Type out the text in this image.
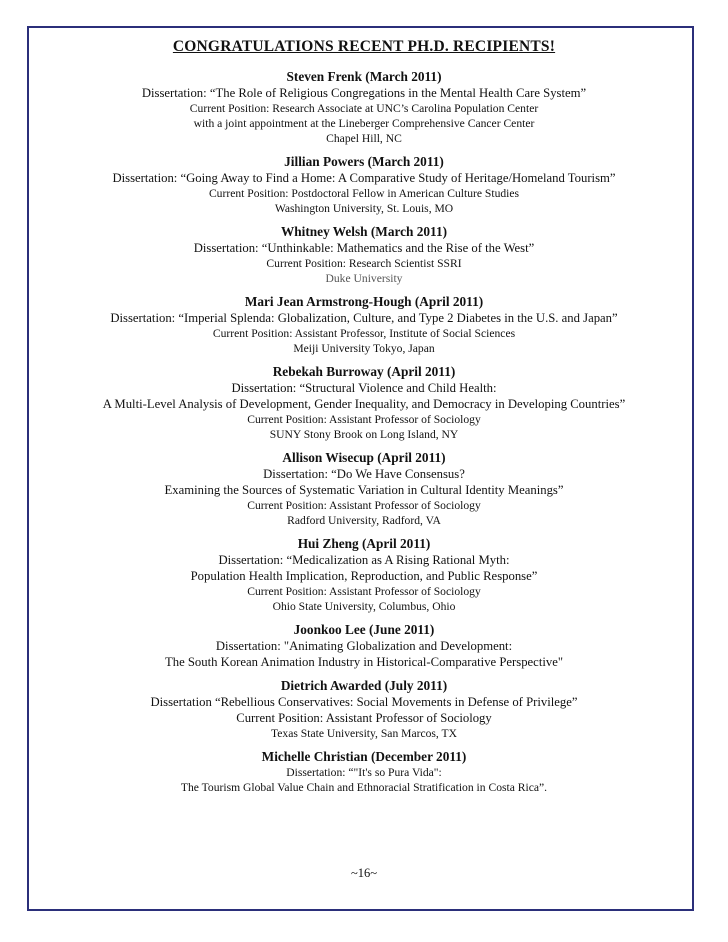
CONGRATULATIONS RECENT PH.D. RECIPIENTS!
Steven Frenk (March 2011)
Dissertation: “The Role of Religious Congregations in the Mental Health Care System”
Current Position: Research Associate at UNC’s Carolina Population Center
with a joint appointment at the Lineberger Comprehensive Cancer Center
Chapel Hill, NC
Jillian Powers (March 2011)
Dissertation: “Going Away to Find a Home: A Comparative Study of Heritage/Homeland Tourism”
Current Position: Postdoctoral Fellow in American Culture Studies
Washington University, St. Louis, MO
Whitney Welsh (March 2011)
Dissertation: “Unthinkable: Mathematics and the Rise of the West”
Current Position: Research Scientist SSRI
Duke University
Mari Jean Armstrong-Hough (April 2011)
Dissertation: “Imperial Splenda: Globalization, Culture, and Type 2 Diabetes in the U.S. and Japan”
Current Position: Assistant Professor, Institute of Social Sciences
Meiji University Tokyo, Japan
Rebekah Burroway (April 2011)
Dissertation: “Structural Violence and Child Health:
A Multi-Level Analysis of Development, Gender Inequality, and Democracy in Developing Countries”
Current Position: Assistant Professor of Sociology
SUNY Stony Brook on Long Island, NY
Allison Wisecup (April 2011)
Dissertation: “Do We Have Consensus?
Examining the Sources of Systematic Variation in Cultural Identity Meanings”
Current Position: Assistant Professor of Sociology
Radford University, Radford, VA
Hui Zheng (April 2011)
Dissertation: “Medicalization as A Rising Rational Myth:
Population Health Implication, Reproduction, and Public Response”
Current Position: Assistant Professor of Sociology
Ohio State University, Columbus, Ohio
Joonkoo Lee (June 2011)
Dissertation: "Animating Globalization and Development:
The South Korean Animation Industry in Historical-Comparative Perspective"
Dietrich Awarded (July 2011)
Dissertation “Rebellious Conservatives: Social Movements in Defense of Privilege”
Current Position: Assistant Professor of Sociology
Texas State University, San Marcos, TX
Michelle Christian (December 2011)
Dissertation: “"It's so Pura Vida":
The Tourism Global Value Chain and Ethnoracial Stratification in Costa Rica”.
~16~
